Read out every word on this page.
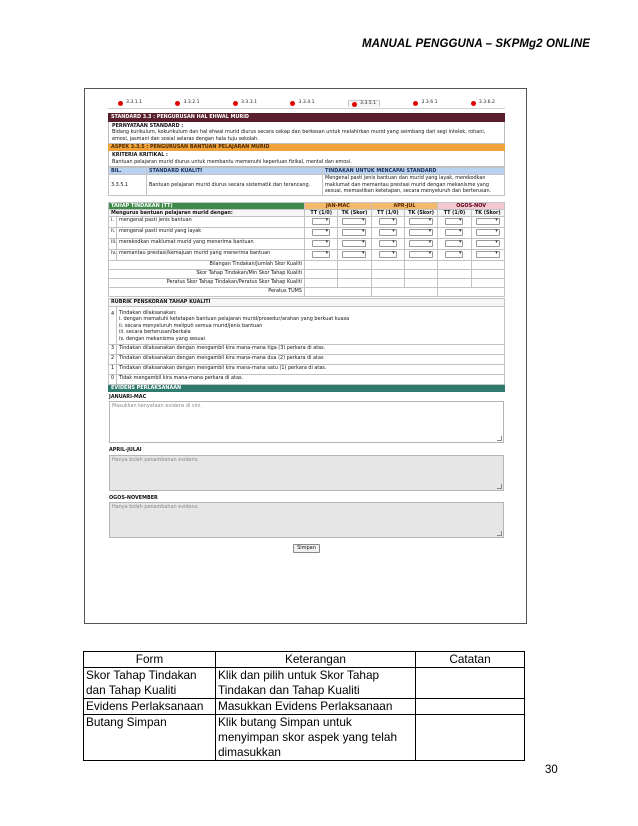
MANUAL PENGGUNA – SKPMg2 ONLINE
3.3.1.1	3.3.2.1	3.3.3.1	3.3.4.1	3.3.5.1	3.3.6.1	3.3.6.2
STANDARD 3.3 : PENGURUSAN HAL EHWAL MURID
PERNYATAAN STANDARD :
Bidang kurikulum, kokurikulum dan hal ehwal murid diurus secara cekap dan berkesan untuk melahirkan murid yang seimbang dari segi intelek, rohani, emosi, jasmani dan sosial selaras dengan hala tuju sekolah.
ASPEK 3.3.5 : PENGURUSAN BANTUAN PELAJARAN MURID
KRITERIA KRITIKAL :
Bantuan pelajaran murid diurus untuk membantu memenuhi keperluan fizikal, mental dan emosi.
BIL.	STANDARD KUALITI	TINDAKAN UNTUK MENCAPAI STANDARD
3.3.5.1	Bantuan pelajaran murid diurus secara sistematik dan terancang.	Mengenal pasti jenis bantuan dan murid yang layak, merekodkan maklumat dan memantau prestasi murid dengan mekanisme yang sesuai, memastikan ketetapan, secara menyeluruh dan berterusan.
TAHAP TINDAKAN (TT)		JAN-MAC		APR-JUL		OGOS-NOV	
Mengurus bantuan pelajaran murid dengan:		TT (1/0)	TK (Skor)	TT (1/0)	TK (Skor)	TT (1/0)	TK (Skor)
i.	mengenal pasti jenis bantuan	▾	▾	▾	▾	▾	▾
ii.	mengenal pasti murid yang layak	▾	▾	▾	▾	▾	▾
iii.	merekodkan maklumat murid yang menerima bantuan	▾	▾	▾	▾	▾	▾
iv.	memantau prestasi/kemajuan murid yang menerima bantuan	▾	▾	▾	▾	▾	▾
Bilangan Tindakan/Jumlah Skor Kualiti							
Skor Tahap Tindakan/Min Skor Tahap Kualiti							
Peratus Skor Tahap Tindakan/Peratus Skor Tahap Kualiti							
Peratus TUMS							
RUBRIK PENSKORAN TAHAP KUALITI	
4	Tindakan dilaksanakan:
i. dengan mematuhi ketetapan bantuan pelajaran murid/prosedur/arahan yang berkuat kuasa
ii. secara menyeluruh meliputi semua murid/jenis bantuan
iii. secara berterusan/berkala
iv. dengan mekanisme yang sesuai

3	Tindakan dilaksanakan dengan mengambil kira mana-mana tiga (3) perkara di atas.
2	Tindakan dilaksanakan dengan mengambil kira mana-mana dua (2) perkara di atas
1	Tindakan dilaksanakan dengan mengambil kira mana-mana satu (1) perkara di atas.
0	Tidak mengambil kira mana-mana perkara di atas.
EVIDENS PERLAKSANAAN
JANUARI-MAC
Masukkan kenyataan evidens di sini.
APRIL-JULAI
Hanya boleh penambahan evidens.
OGOS-NOVEMBER
Hanya boleh penambahan evidens.
Simpan
Form	Keterangan	Catatan
Skor Tahap Tindakan dan Tahap Kualiti	Klik dan pilih untuk Skor Tahap Tindakan dan Tahap Kualiti	
Evidens Perlaksanaan	Masukkan Evidens Perlaksanaan	
Butang Simpan	Klik butang Simpan untuk menyimpan skor aspek yang telah dimasukkan	
30
